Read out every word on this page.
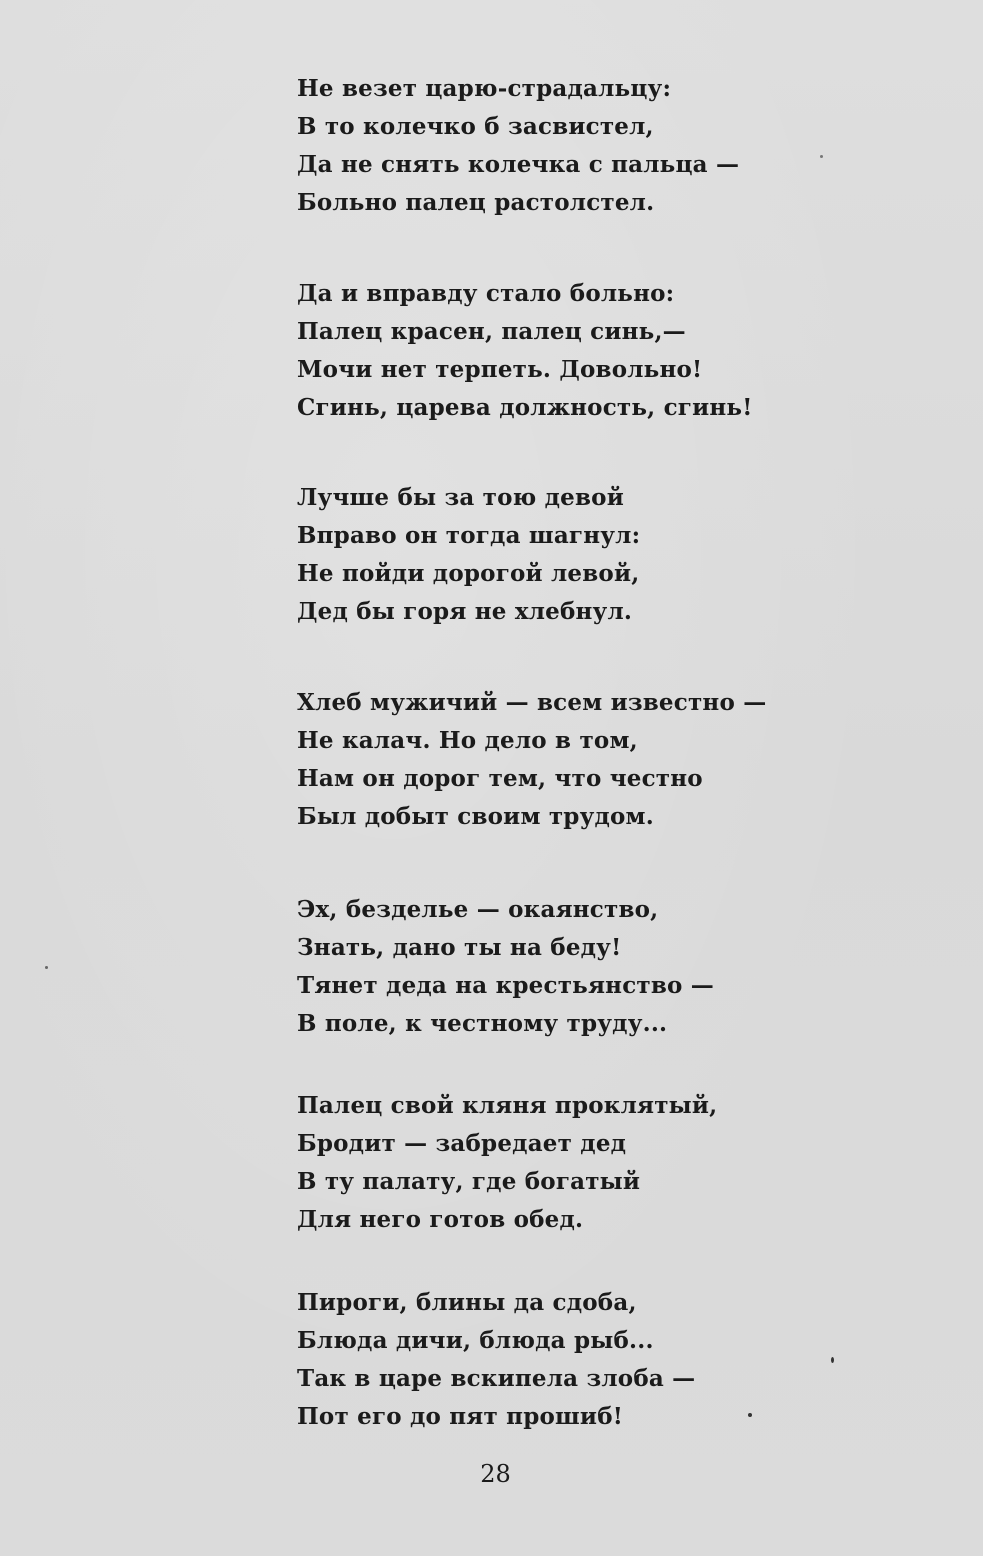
Не везет царю-страдальцу:
В то колечко б засвистел,
Да не снять колечка с пальца —
Больно палец растолстел.
Да и вправду стало больно:
Палец красен, палец синь,—
Мочи нет терпеть. Довольно!
Сгинь, царева должность, сгинь!
Лучше бы за тою девой
Вправо он тогда шагнул:
Не пойди дорогой левой,
Дед бы горя не хлебнул.
Хлеб мужичий — всем известно —
Не калач. Но дело в том,
Нам он дорог тем, что честно
Был добыт своим трудом.
Эх, безделье — окаянство,
Знать, дано ты на беду!
Тянет деда на крестьянство —
В поле, к честному труду...
Палец свой кляня проклятый,
Бродит — забредает дед
В ту палату, где богатый
Для него готов обед.
Пироги, блины да сдоба,
Блюда дичи, блюда рыб...
Так в царе вскипела злоба —
Пот его до пят прошиб!
28
